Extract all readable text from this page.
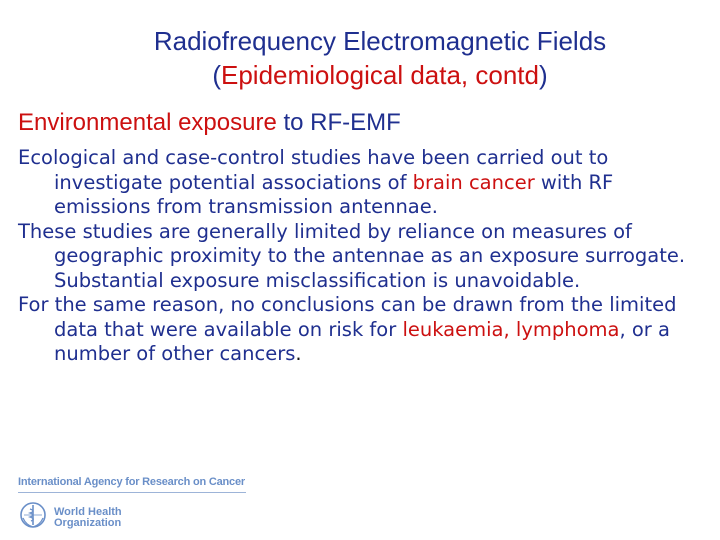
Radiofrequency Electromagnetic Fields
(Epidemiological data, contd)
Environmental exposure to RF-EMF

Ecological and case-control studies have been carried out to investigate potential associations of brain cancer with RF emissions from transmission antennae.

These studies are generally limited by reliance on measures of geographic proximity to the antennae as an exposure surrogate. Substantial exposure misclassification is unavoidable.

For the same reason, no conclusions can be drawn from the limited data that were available on risk for leukaemia, lymphoma, or a number of other cancers.

International Agency for Research on Cancer
World Health
Organization
